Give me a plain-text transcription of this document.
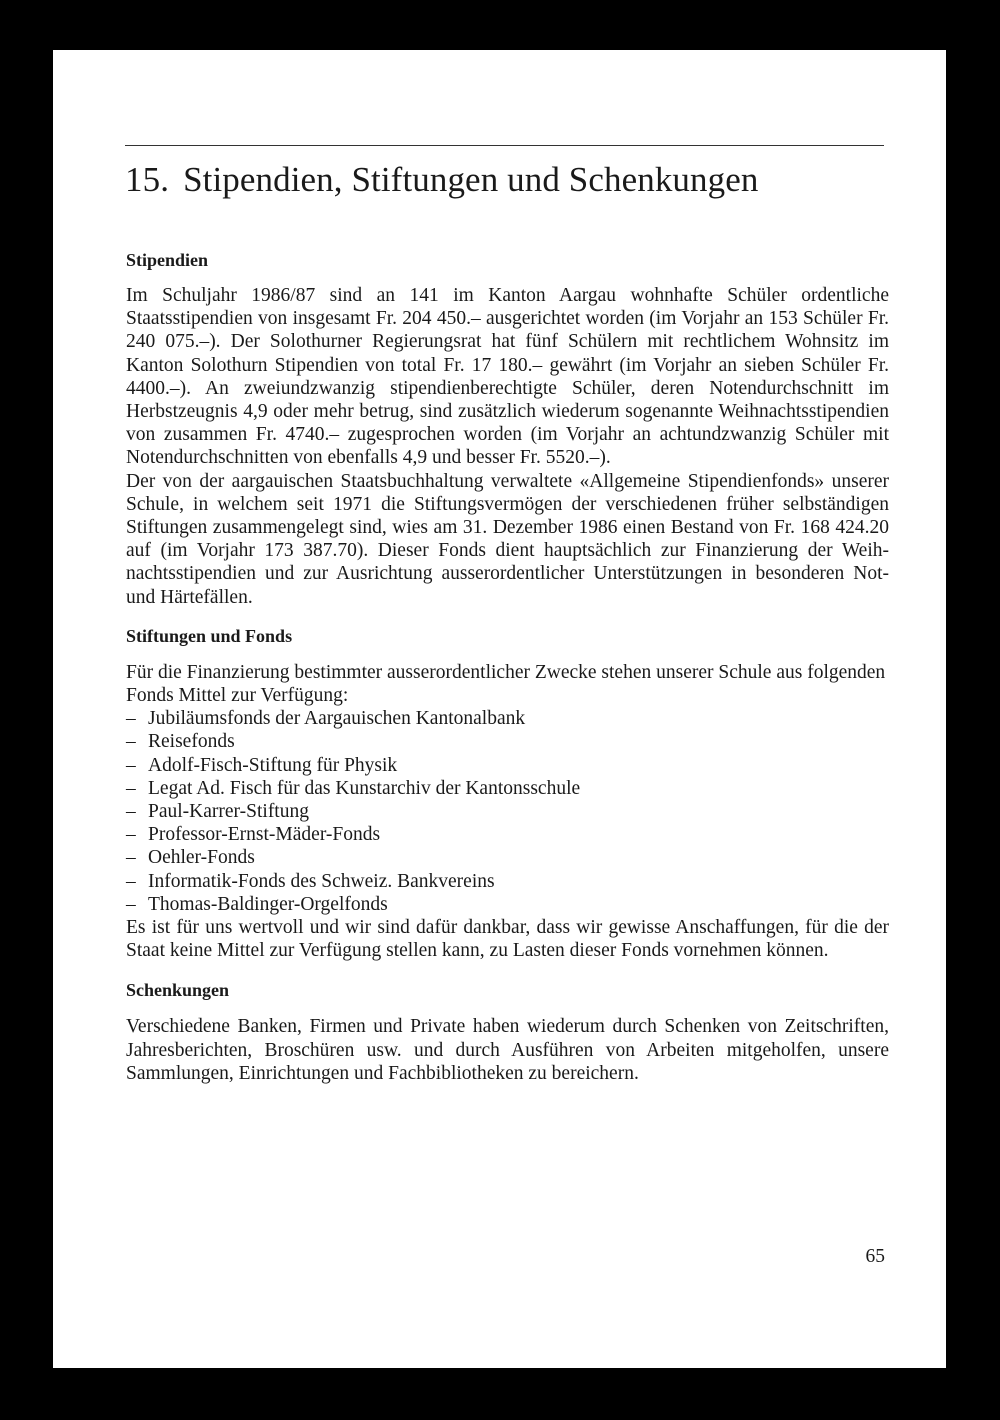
15. Stipendien, Stiftungen und Schenkungen
Stipendien

Im Schuljahr 1986/87 sind an 141 im Kanton Aargau wohnhafte Schüler ordentliche Staatsstipendien von insgesamt Fr. 204 450.– ausgerichtet worden (im Vorjahr an 153 Schüler Fr. 240 075.–). Der Solothurner Regierungsrat hat fünf Schülern mit rechtlichem Wohnsitz im Kanton Solothurn Stipendien von total Fr. 17 180.– gewährt (im Vorjahr an sieben Schüler Fr. 4400.–). An zweiundzwanzig stipendienberechtigte Schüler, deren Notendurchschnitt im Herbstzeugnis 4,9 oder mehr betrug, sind zusätzlich wiederum sogenannte Weihnachtsstipendien von zusammen Fr. 4740.– zugesprochen worden (im Vorjahr an achtundzwanzig Schüler mit Notendurchschnitten von ebenfalls 4,9 und besser Fr. 5520.–).

Der von der aargauischen Staatsbuchhaltung verwaltete «Allgemeine Stipendienfonds» unserer Schule, in welchem seit 1971 die Stiftungsvermögen der verschiedenen früher selbständigen Stiftungen zusammengelegt sind, wies am 31. Dezember 1986 einen Bestand von Fr. 168 424.20 auf (im Vorjahr 173 387.70). Dieser Fonds dient hauptsächlich zur Finanzierung der Weihnachtsstipendien und zur Ausrichtung ausserordentlicher Unterstützungen in besonderen Not- und Härtefällen.

Stiftungen und Fonds

Für die Finanzierung bestimmter ausserordentlicher Zwecke stehen unserer Schule aus folgenden Fonds Mittel zur Verfügung:

– Jubiläumsfonds der Aargauischen Kantonalbank
– Reisefonds
– Adolf-Fisch-Stiftung für Physik
– Legat Ad. Fisch für das Kunstarchiv der Kantonsschule
– Paul-Karrer-Stiftung
– Professor-Ernst-Mäder-Fonds
– Oehler-Fonds
– Informatik-Fonds des Schweiz. Bankvereins
– Thomas-Baldinger-Orgelfonds

Es ist für uns wertvoll und wir sind dafür dankbar, dass wir gewisse Anschaffungen, für die der Staat keine Mittel zur Verfügung stellen kann, zu Lasten dieser Fonds vornehmen können.

Schenkungen

Verschiedene Banken, Firmen und Private haben wiederum durch Schenken von Zeitschriften, Jahresberichten, Broschüren usw. und durch Ausführen von Arbeiten mitgeholfen, unsere Sammlungen, Einrichtungen und Fachbibliotheken zu bereichern.

65
